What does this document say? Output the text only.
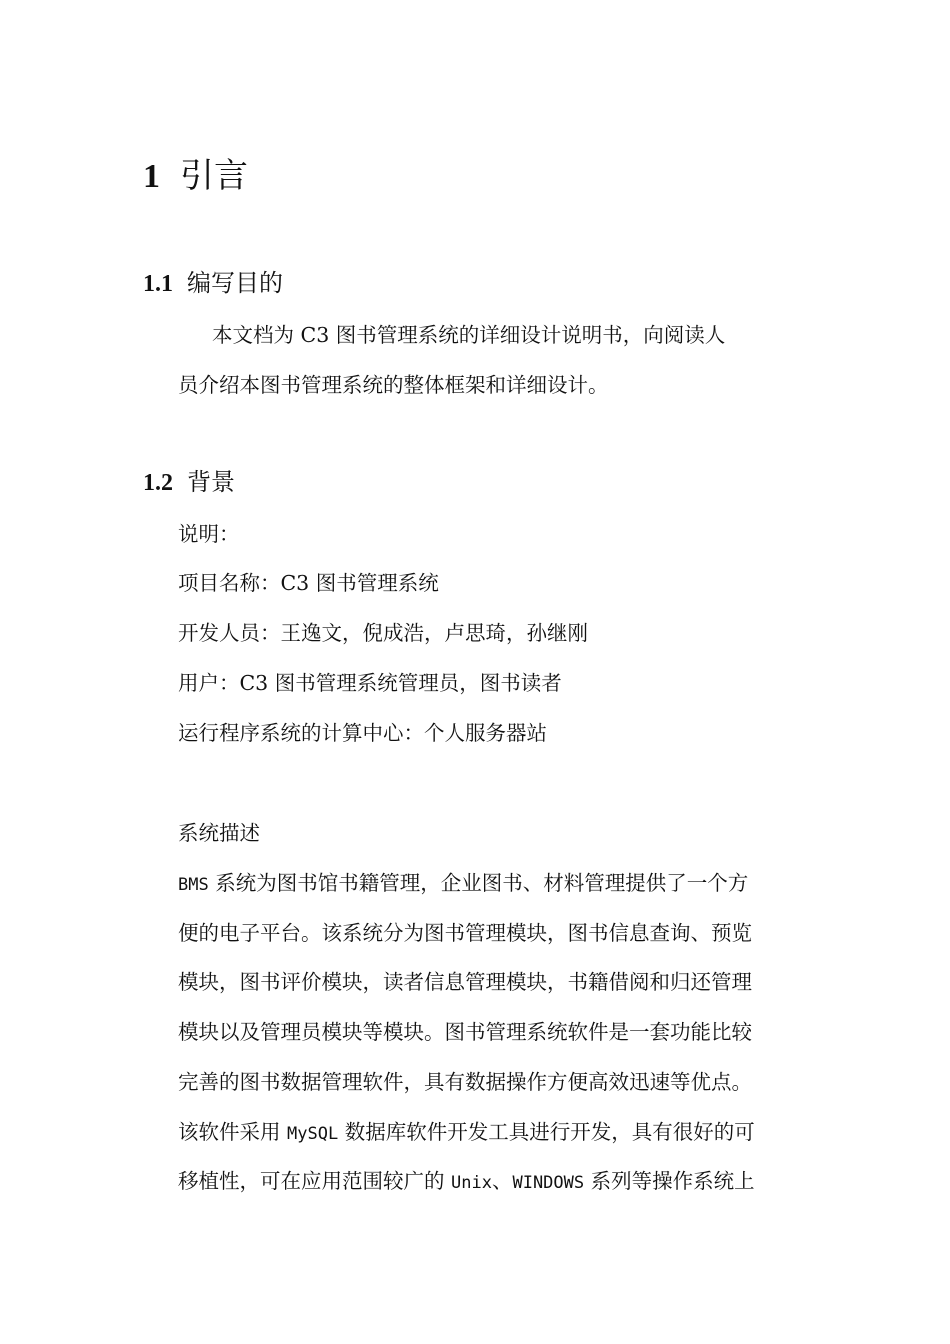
1 引言
1.1 编写目的
本文档为 C3 图书管理系统的详细设计说明书，向阅读人
员介绍本图书管理系统的整体框架和详细设计。
1.2 背景
说明：
项目名称：C3 图书管理系统
开发人员：王逸文，倪成浩，卢思琦，孙继刚
用户：C3 图书管理系统管理员，图书读者
运行程序系统的计算中心：个人服务器站
系统描述
BMS 系统为图书馆书籍管理，企业图书、材料管理提供了一个方
便的电子平台。该系统分为图书管理模块，图书信息查询、预览
模块，图书评价模块，读者信息管理模块，书籍借阅和归还管理
模块以及管理员模块等模块。图书管理系统软件是一套功能比较
完善的图书数据管理软件，具有数据操作方便高效迅速等优点。
该软件采用 MySQL 数据库软件开发工具进行开发，具有很好的可
移植性，可在应用范围较广的 Unix、WINDOWS 系列等操作系统上
